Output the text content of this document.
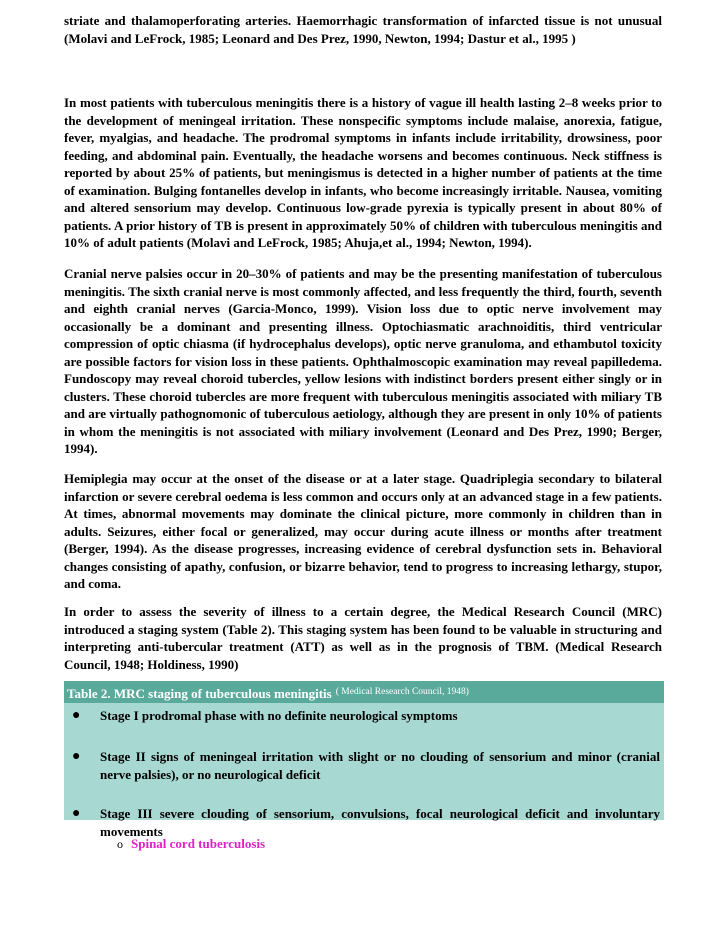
striate and thalamoperforating arteries. Haemorrhagic transformation of infarcted tissue is not unusual (Molavi and LeFrock, 1985; Leonard and Des Prez, 1990, Newton, 1994; Dastur et al., 1995 )

In most patients with tuberculous meningitis there is a history of vague ill health lasting 2–8 weeks prior to the development of meningeal irritation. These nonspecific symptoms include malaise, anorexia, fatigue, fever, myalgias, and headache. The prodromal symptoms in infants include irritability, drowsiness, poor feeding, and abdominal pain. Eventually, the headache worsens and becomes continuous. Neck stiffness is reported by about 25% of patients, but meningismus is detected in a higher number of patients at the time of examination. Bulging fontanelles develop in infants, who become increasingly irritable. Nausea, vomiting and altered sensorium may develop. Continuous low-grade pyrexia is typically present in about 80% of patients. A prior history of TB is present in approximately 50% of children with tuberculous meningitis and 10% of adult patients (Molavi and LeFrock, 1985; Ahuja,et al., 1994; Newton, 1994).

Cranial nerve palsies occur in 20–30% of patients and may be the presenting manifestation of tuberculous meningitis. The sixth cranial nerve is most commonly affected, and less frequently the third, fourth, seventh and eighth cranial nerves (Garcia-Monco, 1999). Vision loss due to optic nerve involvement may occasionally be a dominant and presenting illness. Optochiasmatic arachnoiditis, third ventricular compression of optic chiasma (if hydrocephalus develops), optic nerve granuloma, and ethambutol toxicity are possible factors for vision loss in these patients. Ophthalmoscopic examination may reveal papilledema. Fundoscopy may reveal choroid tubercles, yellow lesions with indistinct borders present either singly or in clusters. These choroid tubercles are more frequent with tuberculous meningitis associated with miliary TB and are virtually pathognomonic of tuberculous aetiology, although they are present in only 10% of patients in whom the meningitis is not associated with miliary involvement (Leonard and Des Prez, 1990; Berger, 1994).

Hemiplegia may occur at the onset of the disease or at a later stage. Quadriplegia secondary to bilateral infarction or severe cerebral oedema is less common and occurs only at an advanced stage in a few patients. At times, abnormal movements may dominate the clinical picture, more commonly in children than in adults. Seizures, either focal or generalized, may occur during acute illness or months after treatment (Berger, 1994). As the disease progresses, increasing evidence of cerebral dysfunction sets in. Behavioral changes consisting of apathy, confusion, or bizarre behavior, tend to progress to increasing lethargy, stupor, and coma.

In order to assess the severity of illness to a certain degree, the Medical Research Council (MRC) introduced a staging system (Table 2). This staging system has been found to be valuable in structuring and interpreting anti-tubercular treatment (ATT) as well as in the prognosis of TBM. (Medical Research Council, 1948; Holdiness, 1990)

Table 2. MRC staging of tuberculous meningitis $^{( Medical Research Council, 1948)}$
● Stage I prodromal phase with no definite neurological symptoms
● Stage II signs of meningeal irritation with slight or no clouding of sensorium and minor (cranial nerve palsies), or no neurological deficit
● Stage III severe clouding of sensorium, convulsions, focal neurological deficit and involuntary movements
o Spinal cord tuberculosis
